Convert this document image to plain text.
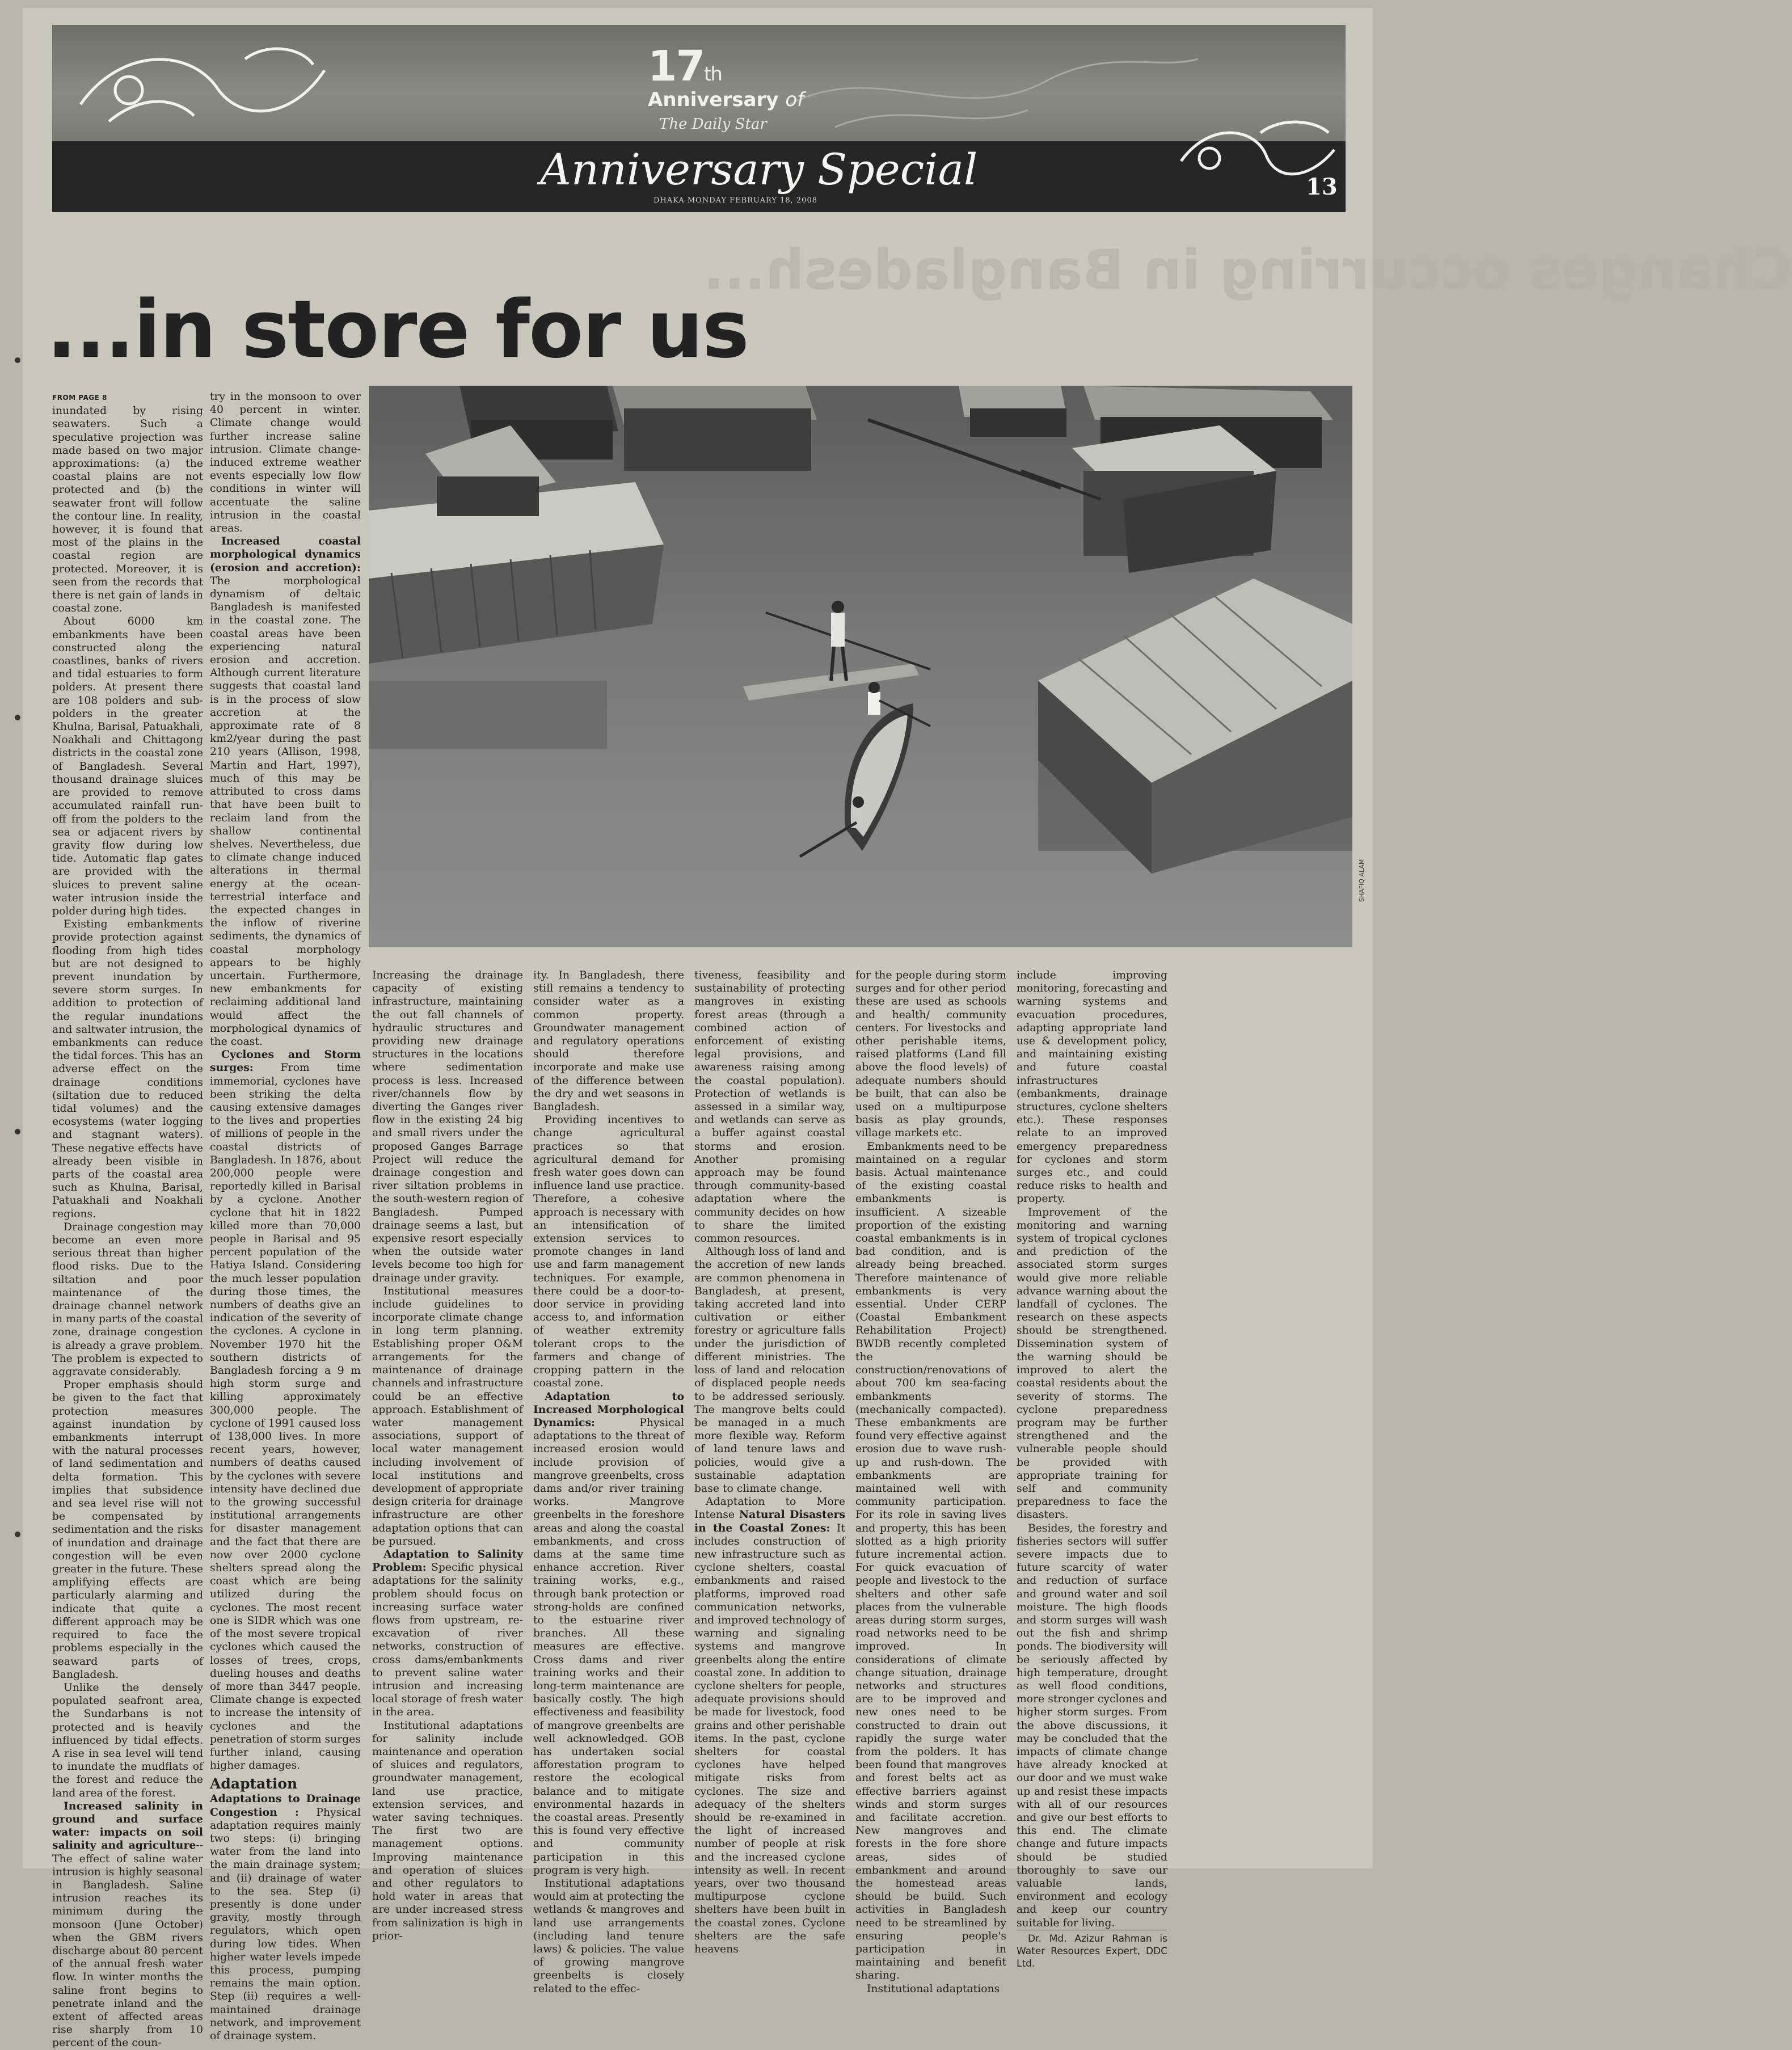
17th
Anniversary of
The Daily Star
Anniversary Special
DHAKA MONDAY FEBRUARY 18, 2008
13
Changes occurring in Bangladesh...
...in store for us
SHAFIQ ALAM

FROM PAGE 8

inundated by rising seawaters. Such a speculative projection was made based on two major approximations: (a) the coastal plains are not protected and (b) the seawater front will follow the contour line. In reality, however, it is found that most of the plains in the coastal region are protected. Moreover, it is seen from the records that there is net gain of lands in coastal zone.

About 6000 km embankments have been constructed along the coastlines, banks of rivers and tidal estuaries to form polders. At present there are 108 polders and sub-polders in the greater Khulna, Barisal, Patuakhali, Noakhali and Chittagong districts in the coastal zone of Bangladesh. Several thousand drainage sluices are provided to remove accumulated rainfall run-off from the polders to the sea or adjacent rivers by gravity flow during low tide. Automatic flap gates are provided with the sluices to prevent saline water intrusion inside the polder during high tides.

Existing embankments provide protection against flooding from high tides but are not designed to prevent inundation by severe storm surges. In addition to protection of the regular inundations and saltwater intrusion, the embankments can reduce the tidal forces. This has an adverse effect on the drainage conditions (siltation due to reduced tidal volumes) and the ecosystems (water logging and stagnant waters). These negative effects have already been visible in parts of the coastal area such as Khulna, Barisal, Patuakhali and Noakhali regions.

Drainage congestion may become an even more serious threat than higher flood risks. Due to the siltation and poor maintenance of the drainage channel network in many parts of the coastal zone, drainage congestion is already a grave problem. The problem is expected to aggravate considerably.

Proper emphasis should be given to the fact that protection measures against inundation by embankments interrupt with the natural processes of land sedimentation and delta formation. This implies that subsidence and sea level rise will not be compensated by sedimentation and the risks of inundation and drainage congestion will be even greater in the future. These amplifying effects are particularly alarming and indicate that quite a different approach may be required to face the problems especially in the seaward parts of Bangladesh.

Unlike the densely populated seafront area, the Sundarbans is not protected and is heavily influenced by tidal effects. A rise in sea level will tend to inundate the mudflats of the forest and reduce the land area of the forest.

Increased salinity in ground and surface water: impacts on soil salinity and agriculture--The effect of saline water intrusion is highly seasonal in Bangladesh. Saline intrusion reaches its minimum during the monsoon (June October) when the GBM rivers discharge about 80 percent of the annual fresh water flow. In winter months the saline front begins to penetrate inland and the extent of affected areas rise sharply from 10 percent of the coun-

try in the monsoon to over 40 percent in winter. Climate change would further increase saline intrusion. Climate change-induced extreme weather events especially low flow conditions in winter will accentuate the saline intrusion in the coastal areas.

Increased coastal morphological dynamics (erosion and accretion): The morphological dynamism of deltaic Bangladesh is manifested in the coastal zone. The coastal areas have been experiencing natural erosion and accretion. Although current literature suggests that coastal land is in the process of slow accretion at the approximate rate of 8 km2/year during the past 210 years (Allison, 1998, Martin and Hart, 1997), much of this may be attributed to cross dams that have been built to reclaim land from the shallow continental shelves. Nevertheless, due to climate change induced alterations in thermal energy at the ocean-terrestrial interface and the expected changes in the inflow of riverine sediments, the dynamics of coastal morphology appears to be highly uncertain. Furthermore, new embankments for reclaiming additional land would affect the morphological dynamics of the coast.

Cyclones and Storm surges:	From time immemorial, cyclones have been striking the delta causing extensive damages to the lives and properties of millions of people in the coastal districts of Bangladesh. In 1876, about 200,000 people were reportedly killed in Barisal by a cyclone. Another cyclone that hit in 1822 killed more than 70,000 people in Barisal and 95 percent population of the Hatiya Island. Considering the much lesser population during those times, the numbers of deaths give an indication of the severity of the cyclones. A cyclone in November 1970 hit the southern districts of Bangladesh forcing a 9 m high storm surge and killing approximately 300,000 people. The cyclone of 1991 caused loss of 138,000 lives. In more recent years, however, numbers of deaths caused by the cyclones with severe intensity have declined due to the growing successful institutional arrangements for disaster management and the fact that there are now over 2000 cyclone shelters spread along the coast which are being utilized during the cyclones. The most recent one is SIDR which was one of the most severe tropical cyclones which caused the losses of trees, crops, dueling houses and deaths of more than 3447 people. Climate change is expected to increase the intensity of cyclones and the penetration of storm surges further inland, causing higher damages.

Adaptation

Adaptations to Drainage Congestion : Physical adaptation requires mainly two steps: (i) bringing water from the land into the main drainage system; and (ii) drainage of water to the sea. Step (i) presently is done under gravity, mostly through regulators, which open during low tides. When higher water levels impede this process, pumping remains the main option. Step (ii) requires a well-maintained drainage network, and improvement of drainage system.

Increasing the drainage capacity of existing infrastructure, maintaining the out fall channels of hydraulic structures and providing new drainage structures in the locations where sedimentation process is less. Increased river/channels flow by diverting the Ganges river flow in the existing 24 big and small rivers under the proposed Ganges Barrage Project will reduce the drainage congestion and river siltation problems in the south-western region of Bangladesh. Pumped drainage seems a last, but expensive resort especially when the outside water levels become too high for drainage under gravity.

Institutional measures include guidelines to incorporate climate change in long term planning. Establishing proper O&M arrangements for the maintenance of drainage channels and infrastructure could be an effective approach. Establishment of water management associations, support of local water management including involvement of local institutions and development of appropriate design criteria for drainage infrastructure are other adaptation options that can be pursued.

Adaptation to Salinity Problem: Specific physical adaptations for the salinity problem should focus on increasing surface water flows from upstream, re-excavation of river networks, construction of cross dams/embankments to prevent saline water intrusion and increasing local storage of fresh water in the area.

Institutional adaptations for salinity include maintenance and operation of sluices and regulators, groundwater management, land use practice, extension services, and water saving techniques. The first two are management options. Improving maintenance and operation of sluices and other regulators to hold water in areas that are under increased stress from salinization is high in prior-

ity. In Bangladesh, there still remains a tendency to consider water as a common property. Groundwater management and regulatory operations should therefore incorporate and make use of the difference between the dry and wet seasons in Bangladesh.

Providing incentives to change agricultural practices so that agricultural demand for fresh water goes down can influence land use practice. Therefore, a cohesive approach is necessary with an intensification of extension services to promote changes in land use and farm management techniques. For example, there could be a door-to-door service in providing access to, and information of weather extremity tolerant crops to the farmers and change of cropping pattern in the coastal zone.

Adaptation to Increased Morphological Dynamics:	Physical adaptations to the threat of increased erosion would include provision of mangrove greenbelts, cross dams and/or river training works. Mangrove greenbelts in the foreshore areas and along the coastal embankments, and cross dams at the same time enhance accretion. River training works, e.g., through bank protection or strong-holds are confined to the estuarine river branches. All these measures are effective. Cross dams and river training works and their long-term maintenance are basically costly. The high effectiveness and feasibility of mangrove greenbelts are well acknowledged. GOB has undertaken social afforestation program to restore the ecological balance and to mitigate environmental hazards in the coastal areas. Presently this is found very effective and community participation in this program is very high.

Institutional adaptations would aim at protecting the wetlands & mangroves and land use arrangements (including land tenure laws) & policies. The value of growing mangrove greenbelts is closely related to the effec-

tiveness, feasibility and sustainability of protecting mangroves in existing forest areas (through a combined action of enforcement of existing legal provisions, and awareness raising among the coastal population). Protection of wetlands is assessed in a similar way, and wetlands can serve as a buffer against coastal storms and erosion. Another promising approach may be found through community-based adaptation where the community decides on how to share the limited common resources.

Although loss of land and the accretion of new lands are common phenomena in Bangladesh, at present, taking accreted land into cultivation or either forestry or agriculture falls under the jurisdiction of different ministries. The loss of land and relocation of displaced people needs to be addressed seriously. The mangrove belts could be managed in a much more flexible way. Reform of land tenure laws and policies, would give a sustainable adaptation base to climate change.

Adaptation to More Intense Natural Disasters in the Coastal Zones: It includes construction of new infrastructure such as cyclone shelters, coastal embankments and raised platforms, improved road communication networks, and improved technology of warning and signaling systems and mangrove greenbelts along the entire coastal zone. In addition to cyclone shelters for people, adequate provisions should be made for livestock, food grains and other perishable items. In the past, cyclone shelters for coastal cyclones have helped mitigate risks from cyclones. The size and adequacy of the shelters should be re-examined in the light of increased number of people at risk and the increased cyclone intensity as well. In recent years, over two thousand multipurpose cyclone shelters have been built in the coastal zones. Cyclone shelters are the safe heavens

for the people during storm surges and for other period these are used as schools and health/ community centers. For livestocks and other perishable items, raised platforms (Land fill above the flood levels) of adequate numbers should be built, that can also be used on a multipurpose basis as play grounds, village markets etc.

Embankments need to be maintained on a regular basis. Actual maintenance of the existing coastal embankments is insufficient. A sizeable proportion of the existing coastal embankments is in bad condition, and is already being breached. Therefore maintenance of embankments is very essential. Under CERP (Coastal Embankment Rehabilitation Project) BWDB recently completed the construction/renovations of about 700 km sea-facing embankments (mechanically compacted). These embankments are found very effective against erosion due to wave rush-up and rush-down. The embankments are maintained well with community participation. For its role in saving lives and property, this has been slotted as a high priority future incremental action. For quick evacuation of people and livestock to the shelters and other safe places from the vulnerable areas during storm surges, road networks need to be improved. In considerations of climate change situation, drainage networks and structures are to be improved and new ones need to be constructed to drain out rapidly the surge water from the polders. It has been found that mangroves and forest belts act as effective barriers against winds and storm surges and facilitate accretion. New mangroves and forests in the fore shore areas, sides of embankment and around the homestead areas should be build. Such activities in Bangladesh need to be streamlined by ensuring people's participation in maintaining and benefit sharing.

Institutional adaptations

include improving monitoring, forecasting and warning systems and evacuation procedures, adapting appropriate land use & development policy, and maintaining existing and future coastal infrastructures (embankments, drainage structures, cyclone shelters etc.). These responses relate to an improved emergency preparedness for cyclones and storm surges etc., and could reduce risks to health and property.

Improvement of the monitoring and warning system of tropical cyclones and prediction of the associated storm surges would give more reliable advance warning about the landfall of cyclones. The research on these aspects should be strengthened. Dissemination system of the warning should be improved to alert the coastal residents about the severity of storms. The cyclone preparedness program may be further strengthened and the vulnerable people should be provided with appropriate training for self and community preparedness to face the disasters.

Besides, the forestry and fisheries sectors will suffer severe impacts due to future scarcity of water and reduction of surface and ground water and soil moisture. The high floods and storm surges will wash out the fish and shrimp ponds. The biodiversity will be seriously affected by high temperature, drought as well flood conditions, more stronger cyclones and higher storm surges. From the above discussions, it may be concluded that the impacts of climate change have already knocked at our door and we must wake up and resist these impacts with all of our resources and give our best efforts to this end. The climate change and future impacts should be studied thoroughly to save our valuable lands, environment and ecology and keep our country suitable for living.

Dr. Md. Azizur Rahman is Water Resources Expert, DDC Ltd.
